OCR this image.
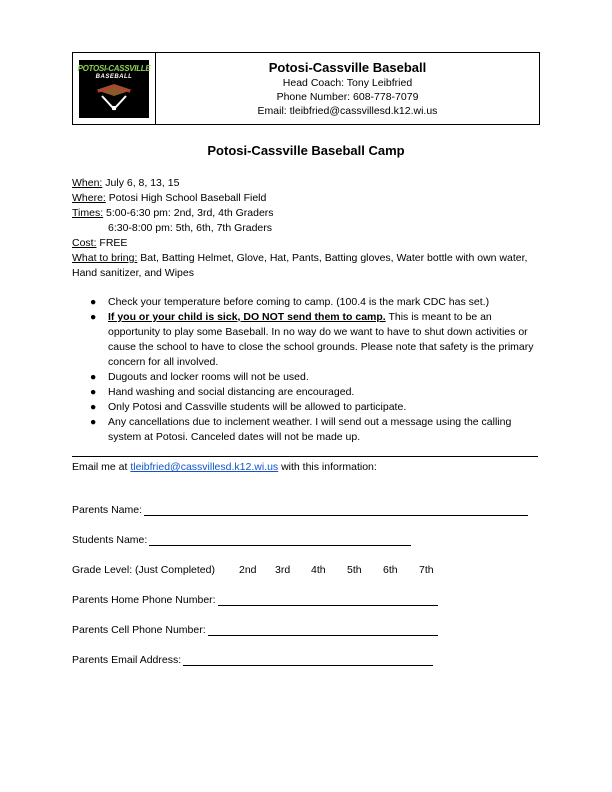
POTOSI-CASSVILLE
BASEBALL
Potosi-Cassville Baseball
Head Coach: Tony Leibfried
Phone Number: 608-778-7079
Email: tleibfried@cassvillesd.k12.wi.us
Potosi-Cassville Baseball Camp
When: July 6, 8, 13, 15
Where: Potosi High School Baseball Field
Times: 5:00-6:30 pm: 2nd, 3rd, 4th Graders
6:30-8:00 pm: 5th, 6th, 7th Graders
Cost: FREE
What to bring: Bat, Batting Helmet, Glove, Hat, Pants, Batting gloves, Water bottle with own water, Hand sanitizer, and Wipes
● Check your temperature before coming to camp. (100.4 is the mark CDC has set.)
● If you or your child is sick, DO NOT send them to camp. This is meant to be an opportunity to play some Baseball. In no way do we want to have to shut down activities or cause the school to have to close the school grounds. Please note that safety is the primary concern for all involved.
● Dugouts and locker rooms will not be used.
● Hand washing and social distancing are encouraged.
● Only Potosi and Cassville students will be allowed to participate.
● Any cancellations due to inclement weather. I will send out a message using the calling system at Potosi. Canceled dates will not be made up.
Email me at tleibfried@cassvillesd.k12.wi.us with this information:
Parents Name:
Students Name:
Grade Level: (Just Completed) 2nd	3rd	4th	5th	6th	7th
Parents Home Phone Number:
Parents Cell Phone Number:
Parents Email Address:
